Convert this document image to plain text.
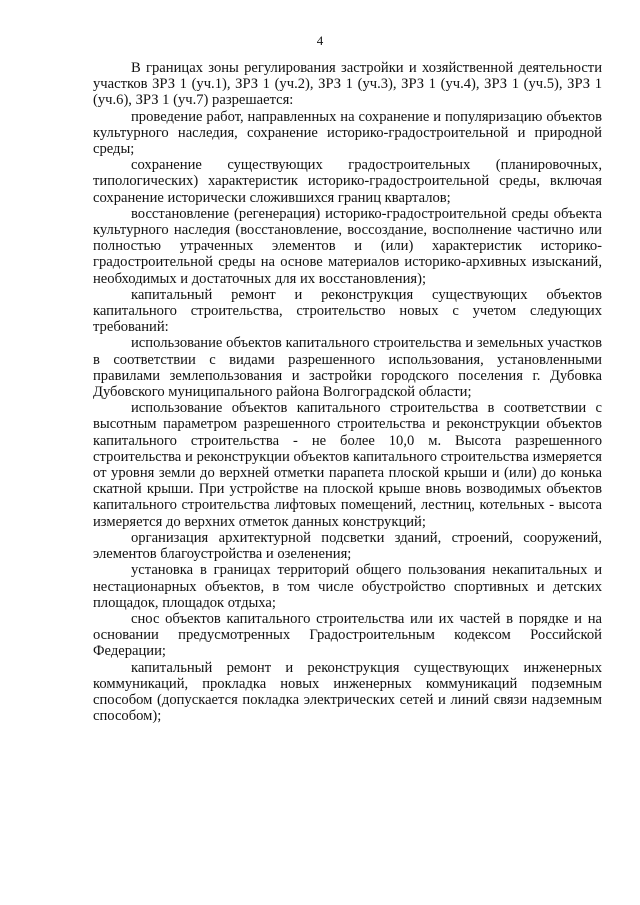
4

В границах зоны регулирования застройки и хозяйственной деятельности участков ЗРЗ 1 (уч.1), ЗРЗ 1 (уч.2), ЗРЗ 1 (уч.3), ЗРЗ 1 (уч.4), ЗРЗ 1 (уч.5), ЗРЗ 1 (уч.6), ЗРЗ 1 (уч.7) разрешается:

проведение работ, направленных на сохранение и популяризацию объектов культурного наследия, сохранение историко-градостроительной и природной среды;

сохранение существующих градостроительных (планировочных, типологических) характеристик историко-градостроительной среды, включая сохранение исторически сложившихся границ кварталов;

восстановление (регенерация) историко-градостроительной среды объекта культурного наследия (восстановление, воссоздание, восполнение частично или полностью утраченных элементов и (или) характеристик историко-градостроительной среды на основе материалов историко-архивных изысканий, необходимых и достаточных для их восстановления);

капитальный ремонт и реконструкция существующих объектов капитального строительства, строительство новых с учетом следующих требований:

использование объектов капитального строительства и земельных участков в соответствии с видами разрешенного использования, установленными правилами землепользования и застройки городского поселения г. Дубовка Дубовского муниципального района Волгоградской области;

использование объектов капитального строительства в соответствии с высотным параметром разрешенного строительства и реконструкции объектов капитального строительства - не более 10,0 м. Высота разрешенного строительства и реконструкции объектов капитального строительства измеряется от уровня земли до верхней отметки парапета плоской крыши и (или) до конька скатной крыши. При устройстве на плоской крыше вновь возводимых объектов капитального строительства лифтовых помещений, лестниц, котельных - высота измеряется до верхних отметок данных конструкций;

организация архитектурной подсветки зданий, строений, сооружений, элементов благоустройства и озеленения;

установка в границах территорий общего пользования некапитальных и нестационарных объектов, в том числе обустройство спортивных и детских площадок, площадок отдыха;

снос объектов капитального строительства или их частей в порядке и на основании предусмотренных Градостроительным кодексом Российской Федерации;

капитальный ремонт и реконструкция существующих инженерных коммуникаций, прокладка новых инженерных коммуникаций подземным способом (допускается покладка электрических сетей и линий связи надземным способом);
